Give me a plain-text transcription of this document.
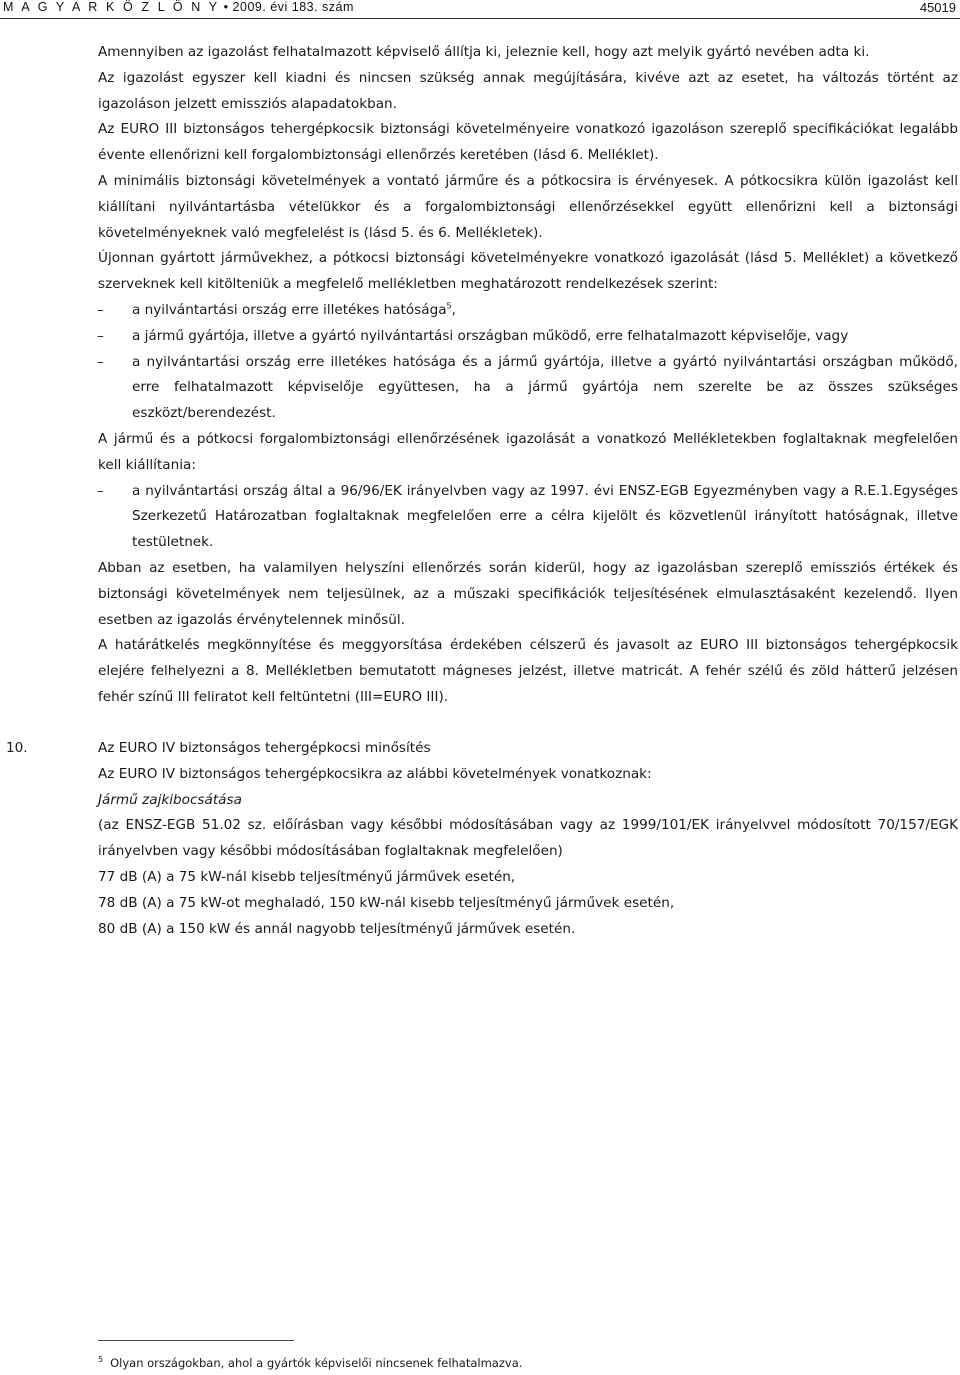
M A G Y A R K Ö Z L Ö N Y • 2009. évi 183. szám	45019

Amennyiben az igazolást felhatalmazott képviselő állítja ki, jeleznie kell, hogy azt melyik gyártó nevében adta ki.

Az igazolást egyszer kell kiadni és nincsen szükség annak megújítására, kivéve azt az esetet, ha változás történt az igazoláson jelzett emissziós alapadatokban.

Az EURO III biztonságos tehergépkocsik biztonsági követelményeire vonatkozó igazoláson szereplő specifikációkat legalább évente ellenőrizni kell forgalombiztonsági ellenőrzés keretében (lásd 6. Melléklet).

A minimális biztonsági követelmények a vontató járműre és a pótkocsira is érvényesek. A pótkocsikra külön igazolást kell kiállítani nyilvántartásba vételükkor és a forgalombiztonsági ellenőrzésekkel együtt ellenőrizni kell a biztonsági követelményeknek való megfelelést is (lásd 5. és 6. Mellékletek).

Újonnan gyártott járművekhez, a pótkocsi biztonsági követelményekre vonatkozó igazolását (lásd 5. Melléklet) a következő szerveknek kell kitölteniük a megfelelő mellékletben meghatározott rendelkezések szerint:

– a nyilvántartási ország erre illetékes hatósága$^5$,
– a jármű gyártója, illetve a gyártó nyilvántartási országban működő, erre felhatalmazott képviselője, vagy
– a nyilvántartási ország erre illetékes hatósága és a jármű gyártója, illetve a gyártó nyilvántartási országban működő, erre felhatalmazott képviselője együttesen, ha a jármű gyártója nem szerelte be az összes szükséges eszközt/berendezést.

A jármű és a pótkocsi forgalombiztonsági ellenőrzésének igazolását a vonatkozó Mellékletekben foglaltaknak megfelelően kell kiállítania:

– a nyilvántartási ország által a 96/96/EK irányelvben vagy az 1997. évi ENSZ-EGB Egyezményben vagy a R.E.1.Egységes Szerkezetű Határozatban foglaltaknak megfelelően erre a célra kijelölt és közvetlenül irányított hatóságnak, illetve testületnek.

Abban az esetben, ha valamilyen helyszíni ellenőrzés során kiderül, hogy az igazolásban szereplő emissziós értékek és biztonsági követelmények nem teljesülnek, az a műszaki specifikációk teljesítésének elmulasztásaként kezelendő. Ilyen esetben az igazolás érvénytelennek minősül.

A határátkelés megkönnyítése és meggyorsítása érdekében célszerű és javasolt az EURO III biztonságos tehergépkocsik elejére felhelyezni a 8. Mellékletben bemutatott mágneses jelzést, illetve matricát. A fehér szélű és zöld hátterű jelzésen fehér színű III feliratot kell feltüntetni (III=EURO III).

10.	Az EURO IV biztonságos tehergépkocsi minősítés

Az EURO IV biztonságos tehergépkocsikra az alábbi követelmények vonatkoznak:

Jármű zajkibocsátása

(az ENSZ-EGB 51.02 sz. előírásban vagy későbbi módosításában vagy az 1999/101/EK irányelvvel módosított 70/157/EGK irányelvben vagy későbbi módosításában foglaltaknak megfelelően)

77 dB (A) a 75 kW-nál kisebb teljesítményű járművek esetén,

78 dB (A) a 75 kW-ot meghaladó, 150 kW-nál kisebb teljesítményű járművek esetén,

80 dB (A) a 150 kW és annál nagyobb teljesítményű járművek esetén.

$^5$ Olyan országokban, ahol a gyártók képviselői nincsenek felhatalmazva.
